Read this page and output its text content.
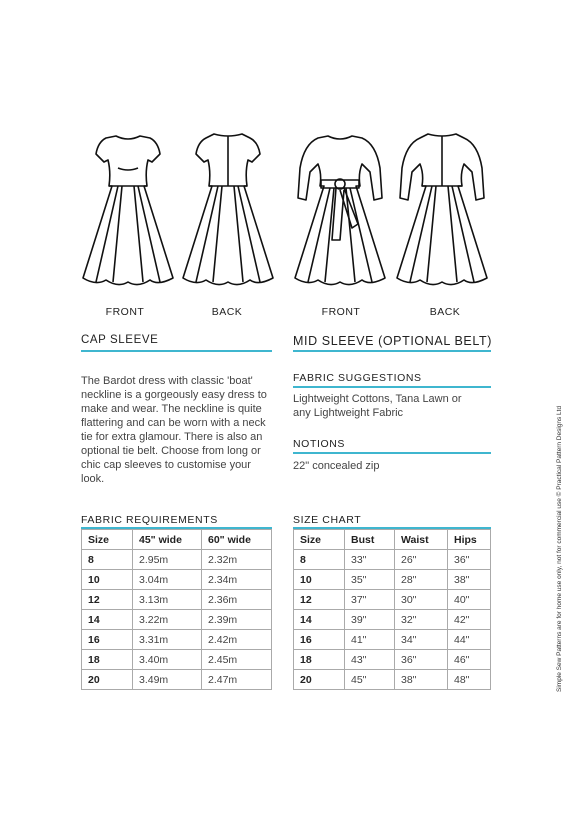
FRONT	BACK	FRONT	BACK
CAP SLEEVE	MID SLEEVE (OPTIONAL BELT)
The Bardot dress with classic 'boat' neckline is a gorgeously easy dress to make and wear. The neckline is quite flattering and can be worn with a neck tie for extra glamour. There is also an optional tie belt. Choose from long or chic cap sleeves to customise your look.
FABRIC SUGGESTIONS
Lightweight Cottons, Tana Lawn or any Lightweight Fabric
NOTIONS
22" concealed zip
FABRIC REQUIREMENTS
Size	45" wide	60" wide
8	2.95m	2.32m
10	3.04m	2.34m
12	3.13m	2.36m
14	3.22m	2.39m
16	3.31m	2.42m
18	3.40m	2.45m
20	3.49m	2.47m
SIZE CHART
Size	Bust	Waist	Hips
8	33"	26"	36"
10	35"	28"	38"
12	37"	30"	40"
14	39"	32"	42"
16	41"	34"	44"
18	43"	36"	46"
20	45"	38"	48"	Simple Sew Patterns are for home use only, not for commercial use © Practical Pattern Designs Ltd
